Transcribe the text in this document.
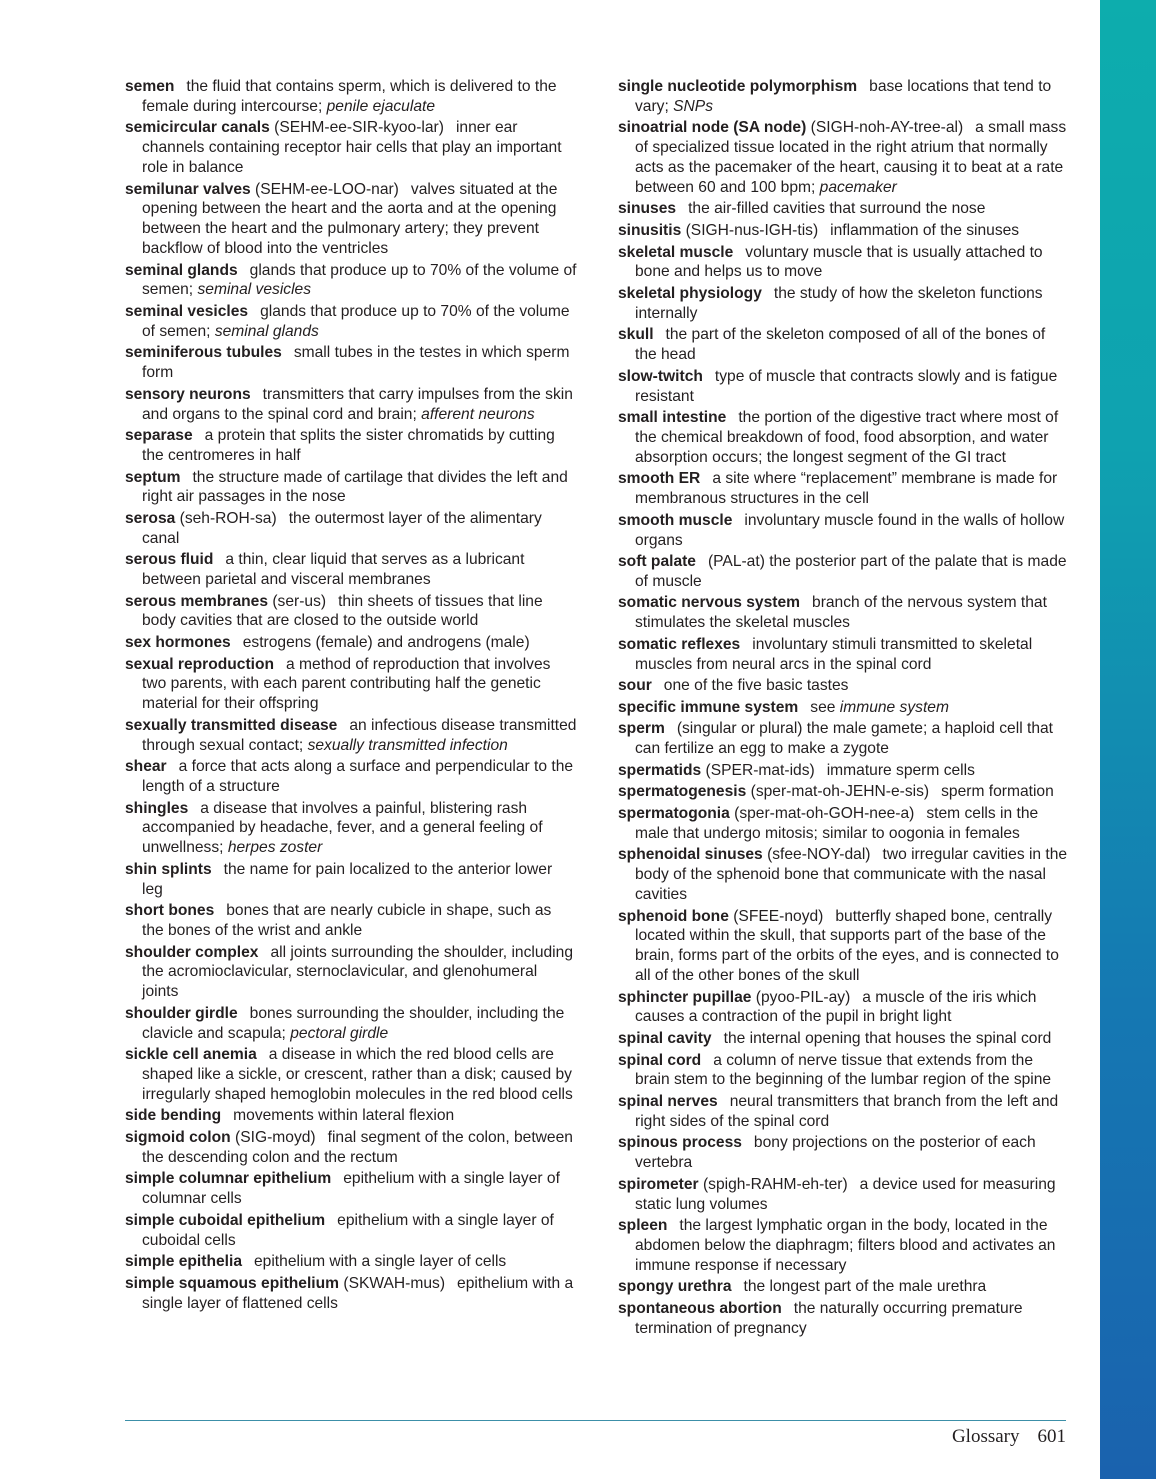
semen the fluid that contains sperm, which is delivered to the female during intercourse; penile ejaculate

semicircular canals (SEHM-ee-SIR-kyoo-lar) inner ear channels containing receptor hair cells that play an important role in balance

semilunar valves (SEHM-ee-LOO-nar) valves situated at the opening between the heart and the aorta and at the opening between the heart and the pulmonary artery; they prevent backflow of blood into the ventricles

seminal glands glands that produce up to 70% of the volume of semen; seminal vesicles

seminal vesicles glands that produce up to 70% of the volume of semen; seminal glands

seminiferous tubules small tubes in the testes in which sperm form

sensory neurons transmitters that carry impulses from the skin and organs to the spinal cord and brain; afferent neurons

separase a protein that splits the sister chromatids by cutting the centromeres in half

septum the structure made of cartilage that divides the left and right air passages in the nose

serosa (seh-ROH-sa) the outermost layer of the alimentary canal

serous fluid a thin, clear liquid that serves as a lubricant between parietal and visceral membranes

serous membranes (ser-us) thin sheets of tissues that line body cavities that are closed to the outside world

sex hormones estrogens (female) and androgens (male)

sexual reproduction a method of reproduction that involves two parents, with each parent contributing half the genetic material for their offspring

sexually transmitted disease an infectious disease transmitted through sexual contact; sexually transmitted infection

shear a force that acts along a surface and perpendicular to the length of a structure

shingles a disease that involves a painful, blistering rash accompanied by headache, fever, and a general feeling of unwellness; herpes zoster

shin splints the name for pain localized to the anterior lower leg

short bones bones that are nearly cubicle in shape, such as the bones of the wrist and ankle

shoulder complex all joints surrounding the shoulder, including the acromioclavicular, sternoclavicular, and glenohumeral joints

shoulder girdle bones surrounding the shoulder, including the clavicle and scapula; pectoral girdle

sickle cell anemia a disease in which the red blood cells are shaped like a sickle, or crescent, rather than a disk; caused by irregularly shaped hemoglobin molecules in the red blood cells

side bending movements within lateral flexion

sigmoid colon (SIG-moyd) final segment of the colon, between the descending colon and the rectum

simple columnar epithelium epithelium with a single layer of columnar cells

simple cuboidal epithelium epithelium with a single layer of cuboidal cells

simple epithelia epithelium with a single layer of cells

simple squamous epithelium (SKWAH-mus) epithelium with a single layer of flattened cells

single nucleotide polymorphism base locations that tend to vary; SNPs

sinoatrial node (SA node) (SIGH-noh-AY-tree-al) a small mass of specialized tissue located in the right atrium that normally acts as the pacemaker of the heart, causing it to beat at a rate between 60 and 100 bpm; pacemaker

sinuses the air-filled cavities that surround the nose

sinusitis (SIGH-nus-IGH-tis) inflammation of the sinuses

skeletal muscle voluntary muscle that is usually attached to bone and helps us to move

skeletal physiology the study of how the skeleton functions internally

skull the part of the skeleton composed of all of the bones of the head

slow-twitch type of muscle that contracts slowly and is fatigue resistant

small intestine the portion of the digestive tract where most of the chemical breakdown of food, food absorption, and water absorption occurs; the longest segment of the GI tract

smooth ER a site where “replacement” membrane is made for membranous structures in the cell

smooth muscle involuntary muscle found in the walls of hollow organs

soft palate (PAL-at) the posterior part of the palate that is made of muscle

somatic nervous system branch of the nervous system that stimulates the skeletal muscles

somatic reflexes involuntary stimuli transmitted to skeletal muscles from neural arcs in the spinal cord

sour one of the five basic tastes

specific immune system see immune system

sperm (singular or plural) the male gamete; a haploid cell that can fertilize an egg to make a zygote

spermatids (SPER-mat-ids) immature sperm cells

spermatogenesis (sper-mat-oh-JEHN-e-sis) sperm formation

spermatogonia (sper-mat-oh-GOH-nee-a) stem cells in the male that undergo mitosis; similar to oogonia in females

sphenoidal sinuses (sfee-NOY-dal) two irregular cavities in the body of the sphenoid bone that communicate with the nasal cavities

sphenoid bone (SFEE-noyd) butterfly shaped bone, centrally located within the skull, that supports part of the base of the brain, forms part of the orbits of the eyes, and is connected to all of the other bones of the skull

sphincter pupillae (pyoo-PIL-ay) a muscle of the iris which causes a contraction of the pupil in bright light

spinal cavity the internal opening that houses the spinal cord

spinal cord a column of nerve tissue that extends from the brain stem to the beginning of the lumbar region of the spine

spinal nerves neural transmitters that branch from the left and right sides of the spinal cord

spinous process bony projections on the posterior of each vertebra

spirometer (spigh-RAHM-eh-ter) a device used for measuring static lung volumes

spleen the largest lymphatic organ in the body, located in the abdomen below the diaphragm; filters blood and activates an immune response if necessary

spongy urethra the longest part of the male urethra

spontaneous abortion the naturally occurring premature termination of pregnancy

Glossary 601
